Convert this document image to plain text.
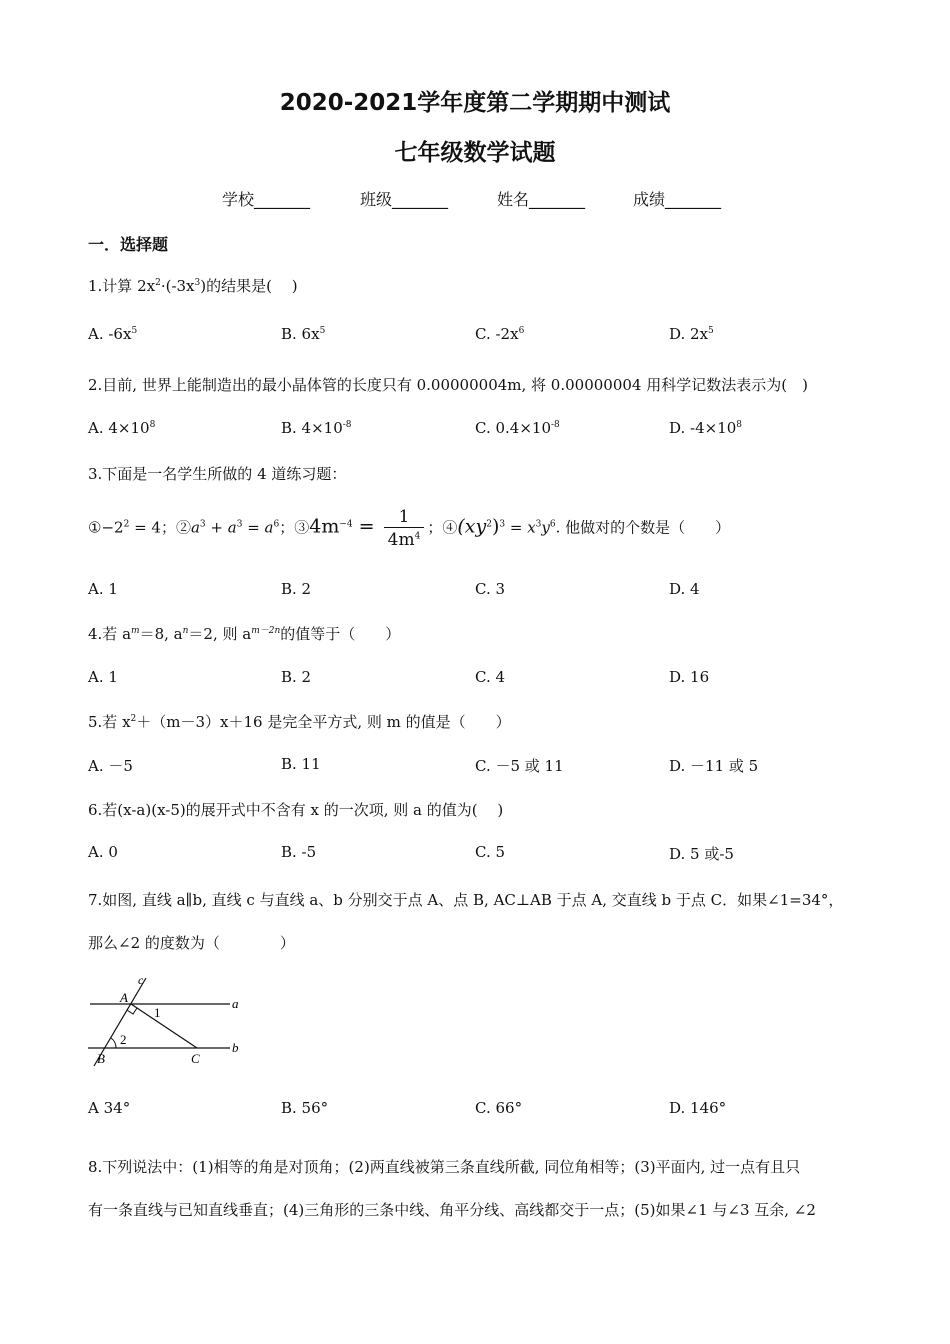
2020-2021学年度第二学期期中测试
七年级数学试题
学校_______	班级_______	姓名_______	成绩_______
一．选择题
1.计算 $2x^2\cdot(-3x^3)$的结果是(　 )
A. $-6x^5$	B. $6x^5$	C. $-2x^6$	D. $2x^5$
2.目前, 世界上能制造出的最小晶体管的长度只有 0.00000004m, 将 0.00000004 用科学记数法表示为(　)
A. $4\times 10^8$	B. $4\times 10^{-8}$	C. $0.4\times 10^{-8}$	D. $-4\times 10^8$
3.下面是一名学生所做的 4 道练习题：
$①-2^2 = 4$；$②a^3 + a^3 = a^6$；$③4m^{-4} = \frac{1}{4m^4}$ ；$④(xy^2)^3 = x^3y^6$. 他做对的个数是（　　）
A. 1	B. 2	C. 3	D. 4
4.若 $a^m=8$, $a^n=2$, 则 $a^{m-2n}$的值等于（　　）
A. 1	B. 2	C. 4	D. 16
5.若 $x^2+(m-3)x+16$ 是完全平方式, 则 m 的值是（　　）
A. －5	B. 11	C. －5 或 11	D. －11 或 5
6.若(x-a)(x-5)的展开式中不含有 x 的一次项, 则 a 的值为(　 )
A. 0	B. -5	C. 5	D. 5 或-5
7.如图, 直线 a∥b, 直线 c 与直线 a、b 分别交于点 A、点 B, AC⊥AB 于点 A, 交直线 b 于点 C．如果∠1=34°，
那么∠2 的度数为（　　　　）
c
A
1
a
2
B	C
b
A 34°	B. 56°	C. 66°	D. 146°
8.下列说法中：(1)相等的角是对顶角；(2)两直线被第三条直线所截, 同位角相等；(3)平面内, 过一点有且只
有一条直线与已知直线垂直；(4)三角形的三条中线、角平分线、高线都交于一点；(5)如果∠1 与∠3 互余, ∠2
